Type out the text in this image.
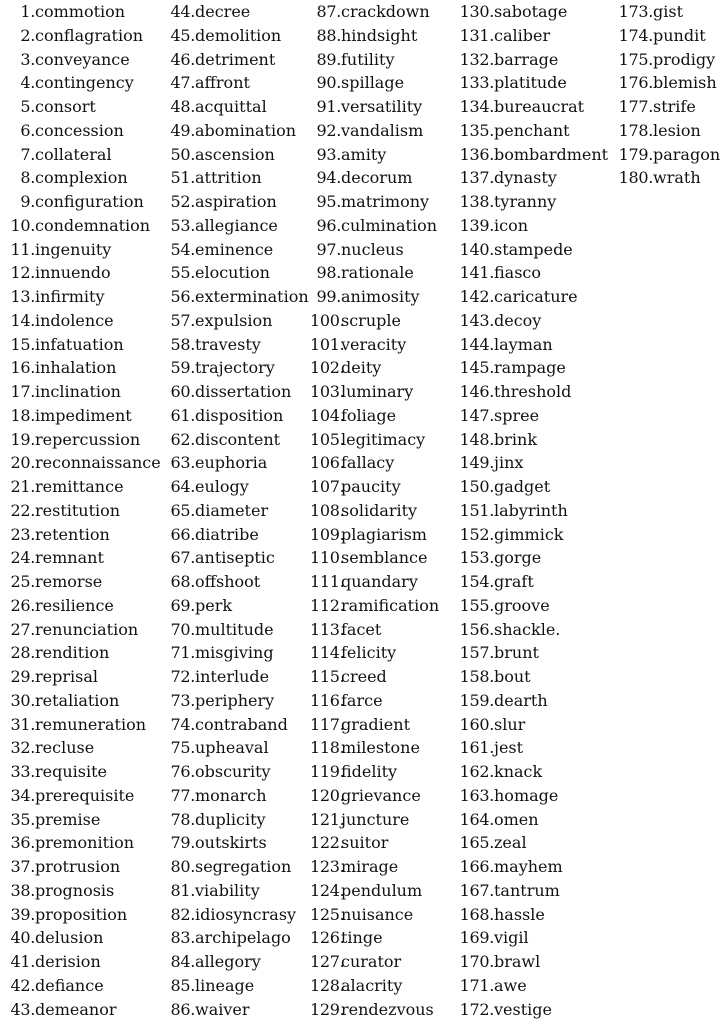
1.commotion
2.conflagration
3.conveyance
4.contingency
5.consort
6.concession
7.collateral
8.complexion
9.configuration
10.condemnation
11.ingenuity
12.innuendo
13.infirmity
14.indolence
15.infatuation
16.inhalation
17.inclination
18.impediment
19.repercussion
20.reconnaissance
21.remittance
22.restitution
23.retention
24.remnant
25.remorse
26.resilience
27.renunciation
28.rendition
29.reprisal
30.retaliation
31.remuneration
32.recluse
33.requisite
34.prerequisite
35.premise
36.premonition
37.protrusion
38.prognosis
39.proposition
40.delusion
41.derision
42.defiance
43.demeanor
44.decree
45.demolition
46.detriment
47.affront
48.acquittal
49.abomination
50.ascension
51.attrition
52.aspiration
53.allegiance
54.eminence
55.elocution
56.extermination
57.expulsion
58.travesty
59.trajectory
60.dissertation
61.disposition
62.discontent
63.euphoria
64.eulogy
65.diameter
66.diatribe
67.antiseptic
68.offshoot
69.perk
70.multitude
71.misgiving
72.interlude
73.periphery
74.contraband
75.upheaval
76.obscurity
77.monarch
78.duplicity
79.outskirts
80.segregation
81.viability
82.idiosyncrasy
83.archipelago
84.allegory
85.lineage
86.waiver
87.crackdown
88.hindsight
89.futility
90.spillage
91.versatility
92.vandalism
93.amity
94.decorum
95.matrimony
96.culmination
97.nucleus
98.rationale
99.animosity
100.scruple
101.veracity
102.deity
103.luminary
104.foliage
105.legitimacy
106.fallacy
107.paucity
108.solidarity
109.plagiarism
110.semblance
111.quandary
112.ramification
113.facet
114.felicity
115.creed
116.farce
117.gradient
118.milestone
119.fidelity
120.grievance
121.juncture
122.suitor
123.mirage
124.pendulum
125.nuisance
126.tinge
127.curator
128.alacrity
129.rendezvous
130.sabotage
131.caliber
132.barrage
133.platitude
134.bureaucrat
135.penchant
136.bombardment
137.dynasty
138.tyranny
139.icon
140.stampede
141.fiasco
142.caricature
143.decoy
144.layman
145.rampage
146.threshold
147.spree
148.brink
149.jinx
150.gadget
151.labyrinth
152.gimmick
153.gorge
154.graft
155.groove
156.shackle.
157.brunt
158.bout
159.dearth
160.slur
161.jest
162.knack
163.homage
164.omen
165.zeal
166.mayhem
167.tantrum
168.hassle
169.vigil
170.brawl
171.awe
172.vestige
173.gist
174.pundit
175.prodigy
176.blemish
177.strife
178.lesion
179.paragon
180.wrath
